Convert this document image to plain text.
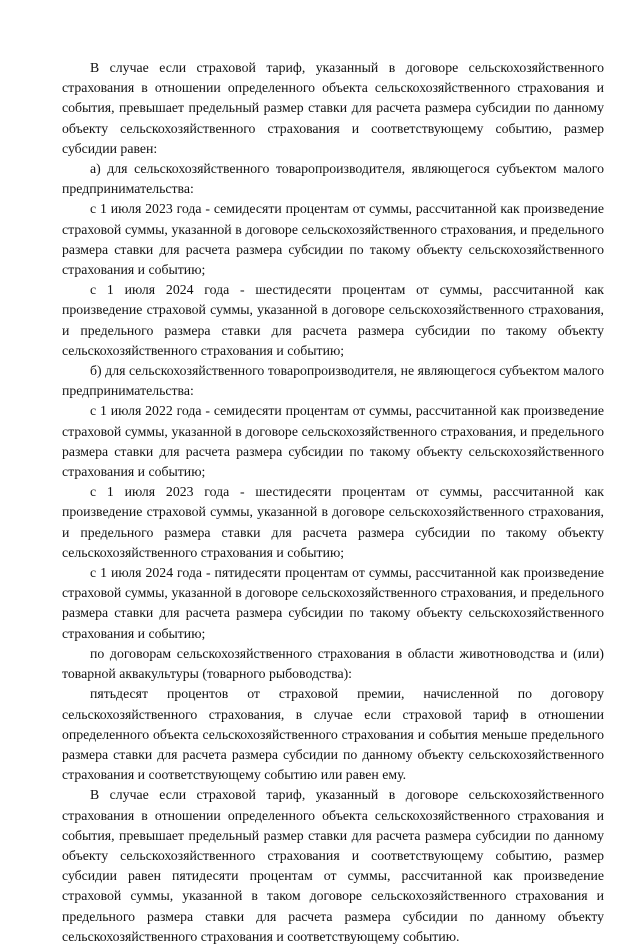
В случае если страховой тариф, указанный в договоре сельскохозяйственного страхования в отношении определенного объекта сельскохозяйственного страхования и события, превышает предельный размер ставки для расчета размера субсидии по данному объекту сельскохозяйственного страхования и соответствующему событию, размер субсидии равен:

а) для сельскохозяйственного товаропроизводителя, являющегося субъектом малого предпринимательства:

с 1 июля 2023 года - семидесяти процентам от суммы, рассчитанной как произведение страховой суммы, указанной в договоре сельскохозяйственного страхования, и предельного размера ставки для расчета размера субсидии по такому объекту сельскохозяйственного страхования и событию;

с 1 июля 2024 года - шестидесяти процентам от суммы, рассчитанной как произведение страховой суммы, указанной в договоре сельскохозяйственного страхования, и предельного размера ставки для расчета размера субсидии по такому объекту сельскохозяйственного страхования и событию;

б) для сельскохозяйственного товаропроизводителя, не являющегося субъектом малого предпринимательства:

с 1 июля 2022 года - семидесяти процентам от суммы, рассчитанной как произведение страховой суммы, указанной в договоре сельскохозяйственного страхования, и предельного размера ставки для расчета размера субсидии по такому объекту сельскохозяйственного страхования и событию;

с 1 июля 2023 года - шестидесяти процентам от суммы, рассчитанной как произведение страховой суммы, указанной в договоре сельскохозяйственного страхования, и предельного размера ставки для расчета размера субсидии по такому объекту сельскохозяйственного страхования и событию;

с 1 июля 2024 года - пятидесяти процентам от суммы, рассчитанной как произведение страховой суммы, указанной в договоре сельскохозяйственного страхования, и предельного размера ставки для расчета размера субсидии по такому объекту сельскохозяйственного страхования и событию;

по договорам сельскохозяйственного страхования в области животноводства и (или) товарной аквакультуры (товарного рыбоводства):

пятьдесят процентов от страховой премии, начисленной по договору сельскохозяйственного страхования, в случае если страховой тариф в отношении определенного объекта сельскохозяйственного страхования и события меньше предельного размера ставки для расчета размера субсидии по данному объекту сельскохозяйственного страхования и соответствующему событию или равен ему.

В случае если страховой тариф, указанный в договоре сельскохозяйственного страхования в отношении определенного объекта сельскохозяйственного страхования и события, превышает предельный размер ставки для расчета размера субсидии по данному объекту сельскохозяйственного страхования и соответствующему событию, размер субсидии равен пятидесяти процентам от суммы, рассчитанной как произведение страховой суммы, указанной в таком договоре сельскохозяйственного страхования и предельного размера ставки для расчета размера субсидии по данному объекту сельскохозяйственного страхования и соответствующему событию.
